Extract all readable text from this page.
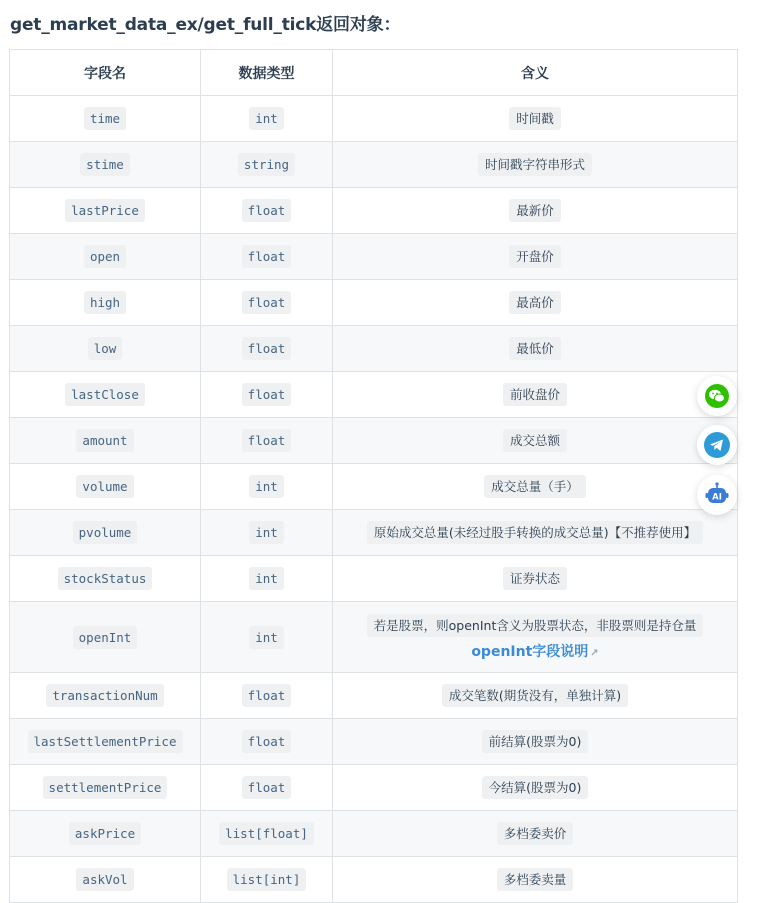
get_market_data_ex/get_full_tick返回对象：
字段名	数据类型	含义
time	int	时间戳
stime	string	时间戳字符串形式
lastPrice	float	最新价
open	float	开盘价
high	float	最高价
low	float	最低价
lastClose	float	前收盘价
amount	float	成交总额
volume	int	成交总量（手）
pvolume	int	原始成交总量(未经过股手转换的成交总量)【不推荐使用】
stockStatus	int	证券状态
openInt	int	若是股票，则openInt含义为股票状态，非股票则是持仓量
openInt字段说明 ↗
transactionNum	float	成交笔数(期货没有，单独计算)
lastSettlementPrice	float	前结算(股票为0)
settlementPrice	float	今结算(股票为0)
askPrice	list[float]	多档委卖价
askVol	list[int]	多档委卖量
AI
